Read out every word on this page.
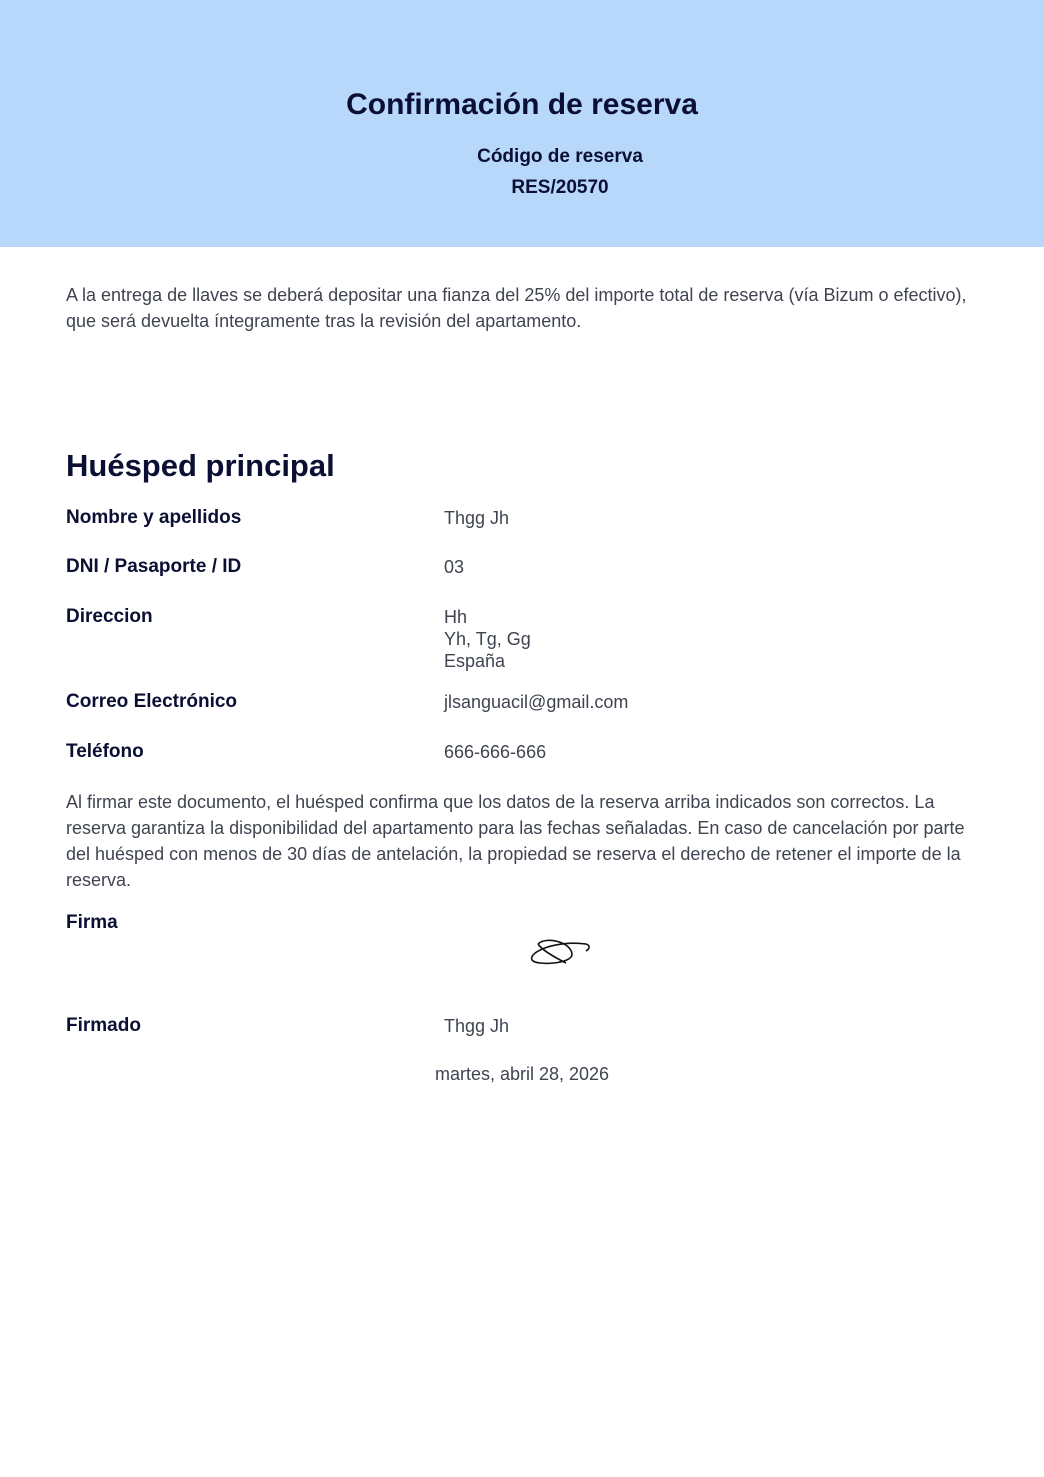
Confirmación de reserva
Código de reserva
RES/20570
A la entrega de llaves se deberá depositar una fianza del 25% del importe total de reserva (vía Bizum o efectivo), que será devuelta íntegramente tras la revisión del apartamento.
Huésped principal
Nombre y apellidos	Thgg Jh
DNI / Pasaporte / ID	03
Direccion	Hh
Yh, Tg, Gg
España
Correo Electrónico	jlsanguacil@gmail.com
Teléfono	666-666-666
Al firmar este documento, el huésped confirma que los datos de la reserva arriba indicados son correctos. La reserva garantiza la disponibilidad del apartamento para las fechas señaladas. En caso de cancelación por parte del huésped con menos de 30 días de antelación, la propiedad se reserva el derecho de retener el importe de la reserva.
Firma
Firmado	Thgg Jh
martes, abril 28, 2026
